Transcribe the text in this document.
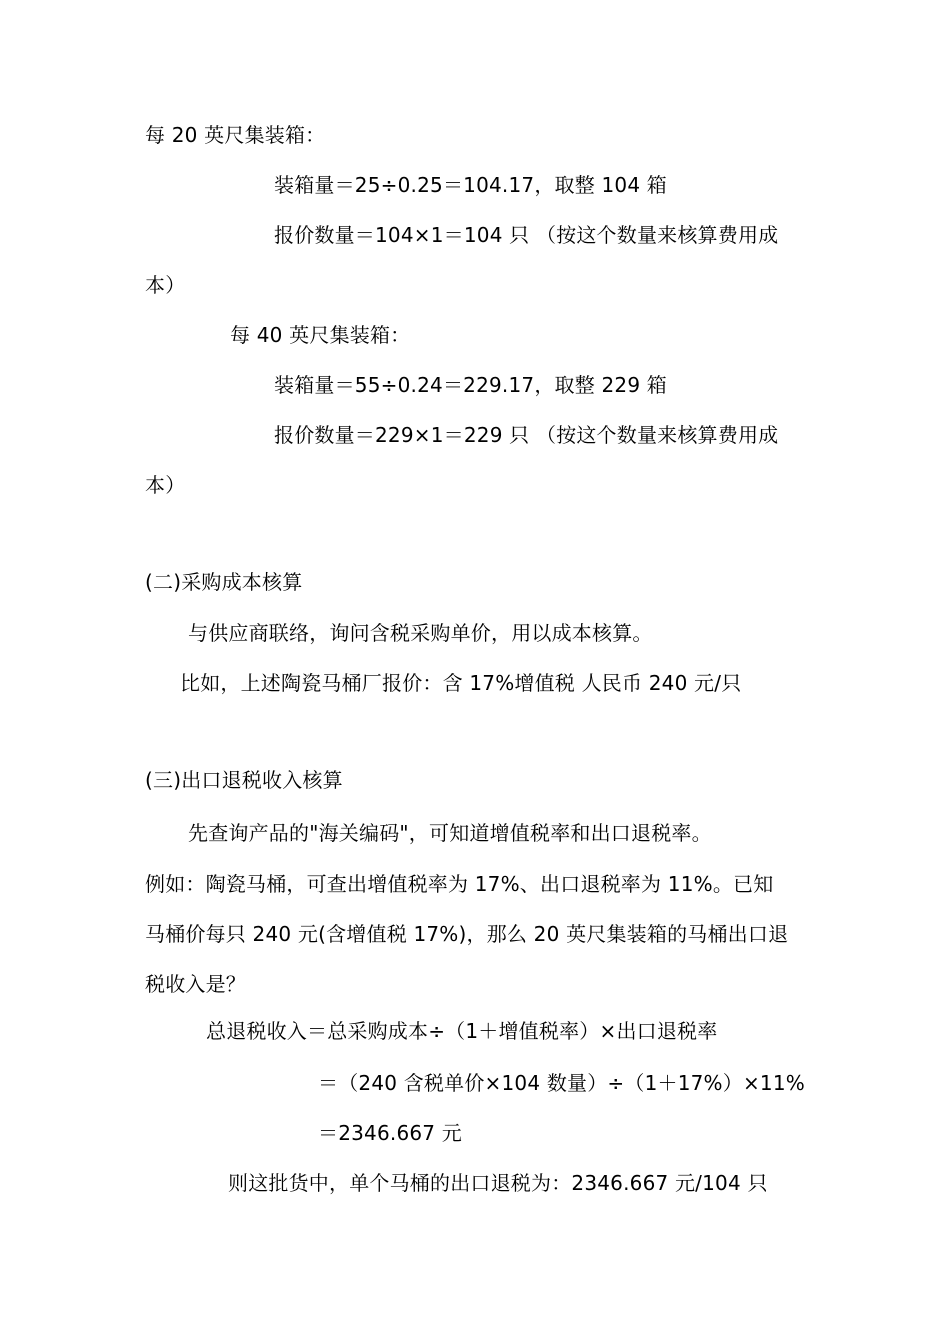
每 20 英尺集装箱：
装箱量＝25÷0.25＝104.17，取整 104 箱
报价数量＝104×1＝104 只 （按这个数量来核算费用成
本）
每 40 英尺集装箱：
装箱量＝55÷0.24＝229.17，取整 229 箱
报价数量＝229×1＝229 只 （按这个数量来核算费用成
本）
(二)采购成本核算
与供应商联络，询问含税采购单价，用以成本核算。
比如，上述陶瓷马桶厂报价：含 17%增值税 人民币 240 元/只
(三)出口退税收入核算
先查询产品的"海关编码"，可知道增值税率和出口退税率。
例如：陶瓷马桶，可查出增值税率为 17%、出口退税率为 11%。已知
马桶价每只 240 元(含增值税 17%)，那么 20 英尺集装箱的马桶出口退
税收入是？
总退税收入＝总采购成本÷（1＋增值税率）×出口退税率
＝（240 含税单价×104 数量）÷（1＋17%）×11%
＝2346.667 元
则这批货中，单个马桶的出口退税为：2346.667 元/104 只
